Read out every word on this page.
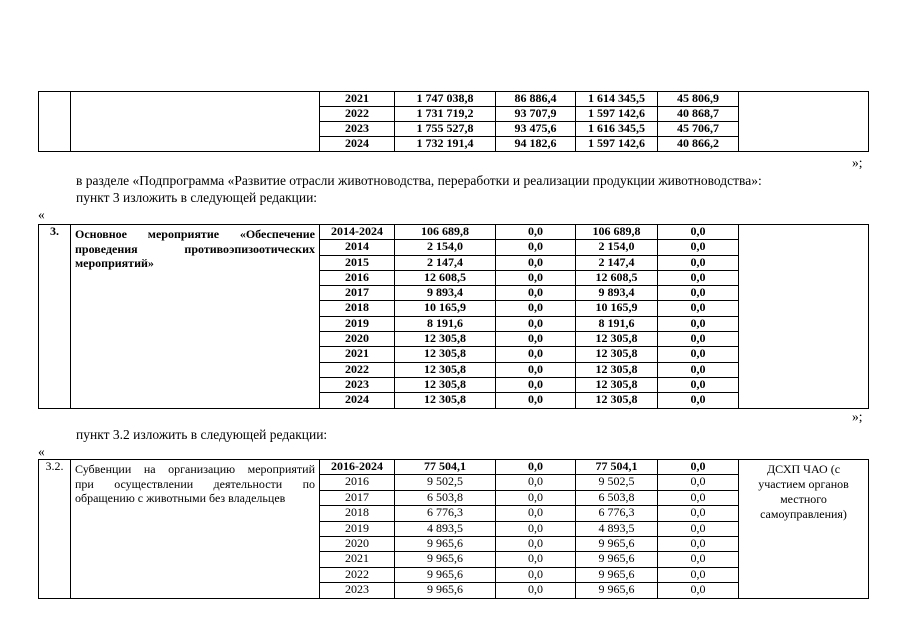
		2021	1 747 038,8	86 886,4	1 614 345,5	45 806,9	
		2022	1 731 719,2	93 707,9	1 597 142,6	40 868,7	
		2023	1 755 527,8	93 475,6	1 616 345,5	45 706,7	
		2024	1 732 191,4	94 182,6	1 597 142,6	40 866,2	
»;
в разделе «Подпрограмма «Развитие отрасли животноводства, переработки и реализации продукции животноводства»:
пункт 3 изложить в следующей редакции:
«
3.	Основное мероприятие «Обеспечение
проведения противоэпизоотических
мероприятий»	2014-2024	106 689,8	0,0	106 689,8	0,0	
		2014	2 154,0	0,0	2 154,0	0,0	
		2015	2 147,4	0,0	2 147,4	0,0	
		2016	12 608,5	0,0	12 608,5	0,0	
		2017	9 893,4	0,0	9 893,4	0,0	
		2018	10 165,9	0,0	10 165,9	0,0	
		2019	8 191,6	0,0	8 191,6	0,0	
		2020	12 305,8	0,0	12 305,8	0,0	
		2021	12 305,8	0,0	12 305,8	0,0	
		2022	12 305,8	0,0	12 305,8	0,0	
		2023	12 305,8	0,0	12 305,8	0,0	
		2024	12 305,8	0,0	12 305,8	0,0	
»;
пункт 3.2 изложить в следующей редакции:
«
3.2.	Субвенции на организацию мероприятий
при осуществлении деятельности по
обращению с животными без владельцев	2016-2024	77 504,1	0,0	77 504,1	0,0	ДСХП ЧАО (с участием органов местного самоуправления)
		2016	9 502,5	0,0	9 502,5	0,0	
		2017	6 503,8	0,0	6 503,8	0,0	
		2018	6 776,3	0,0	6 776,3	0,0	
		2019	4 893,5	0,0	4 893,5	0,0	
		2020	9 965,6	0,0	9 965,6	0,0	
		2021	9 965,6	0,0	9 965,6	0,0	
		2022	9 965,6	0,0	9 965,6	0,0	
		2023	9 965,6	0,0	9 965,6	0,0	
